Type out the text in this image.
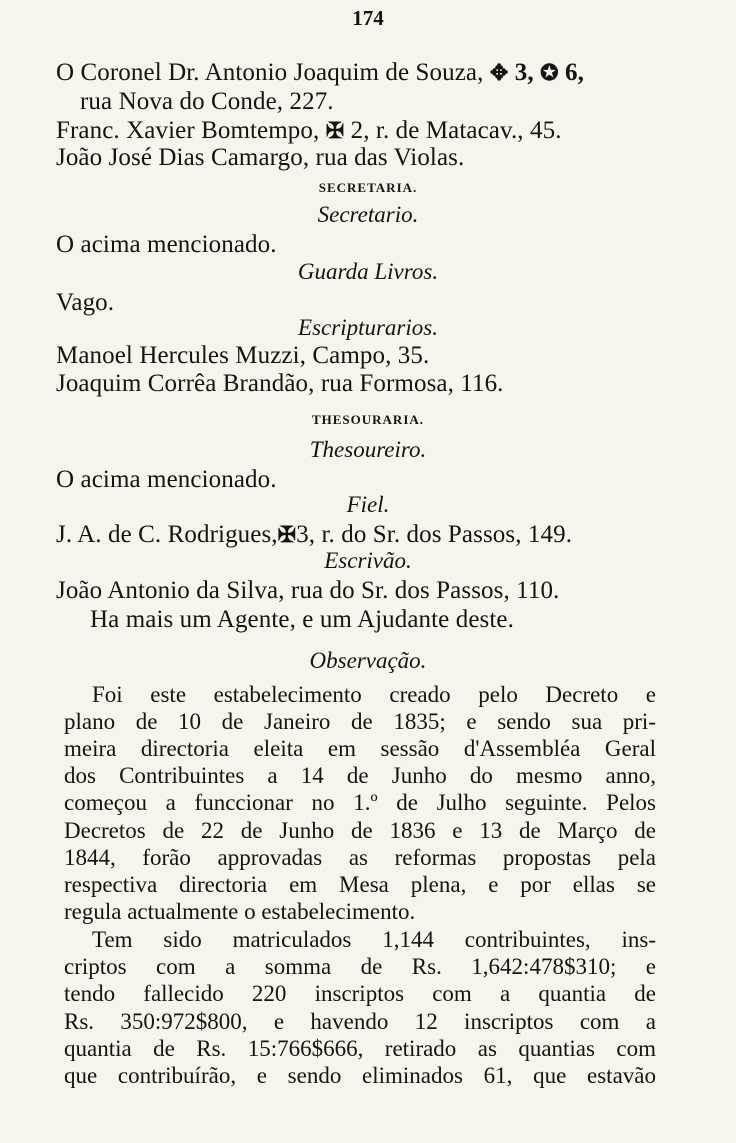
174
O Coronel Dr. Antonio Joaquim de Souza, ✥ 3, ✪ 6,
rua Nova do Conde, 227.
Franc. Xavier Bomtempo, ✠ 2, r. de Matacav., 45.
João José Dias Camargo, rua das Violas.
SECRETARIA.
Secretario.
O acima mencionado.
Guarda Livros.
Vago.
Escripturarios.
Manoel Hercules Muzzi, Campo, 35.
Joaquim Corrêa Brandão, rua Formosa, 116.
THESOURARIA.
Thesoureiro.
O acima mencionado.
Fiel.
J. A. de C. Rodrigues,✠3, r. do Sr. dos Passos, 149.
Escrivão.
João Antonio da Silva, rua do Sr. dos Passos, 110.
Ha mais um Agente, e um Ajudante deste.
Observação.
Foi este estabelecimento creado pelo Decreto e
plano de 10 de Janeiro de 1835; e sendo sua pri-
meira directoria eleita em sessão d'Assembléa Geral
dos Contribuintes a 14 de Junho do mesmo anno,
começou a funccionar no 1.º de Julho seguinte. Pelos
Decretos de 22 de Junho de 1836 e 13 de Março de
1844, forão approvadas as reformas propostas pela
respectiva directoria em Mesa plena, e por ellas se
regula actualmente o estabelecimento.
Tem sido matriculados 1,144 contribuintes, ins-
criptos com a somma de Rs. 1,642:478$310; e
tendo fallecido 220 inscriptos com a quantia de
Rs. 350:972$800, e havendo 12 inscriptos com a
quantia de Rs. 15:766$666, retirado as quantias com
que contribuírão, e sendo eliminados 61, que estavão
